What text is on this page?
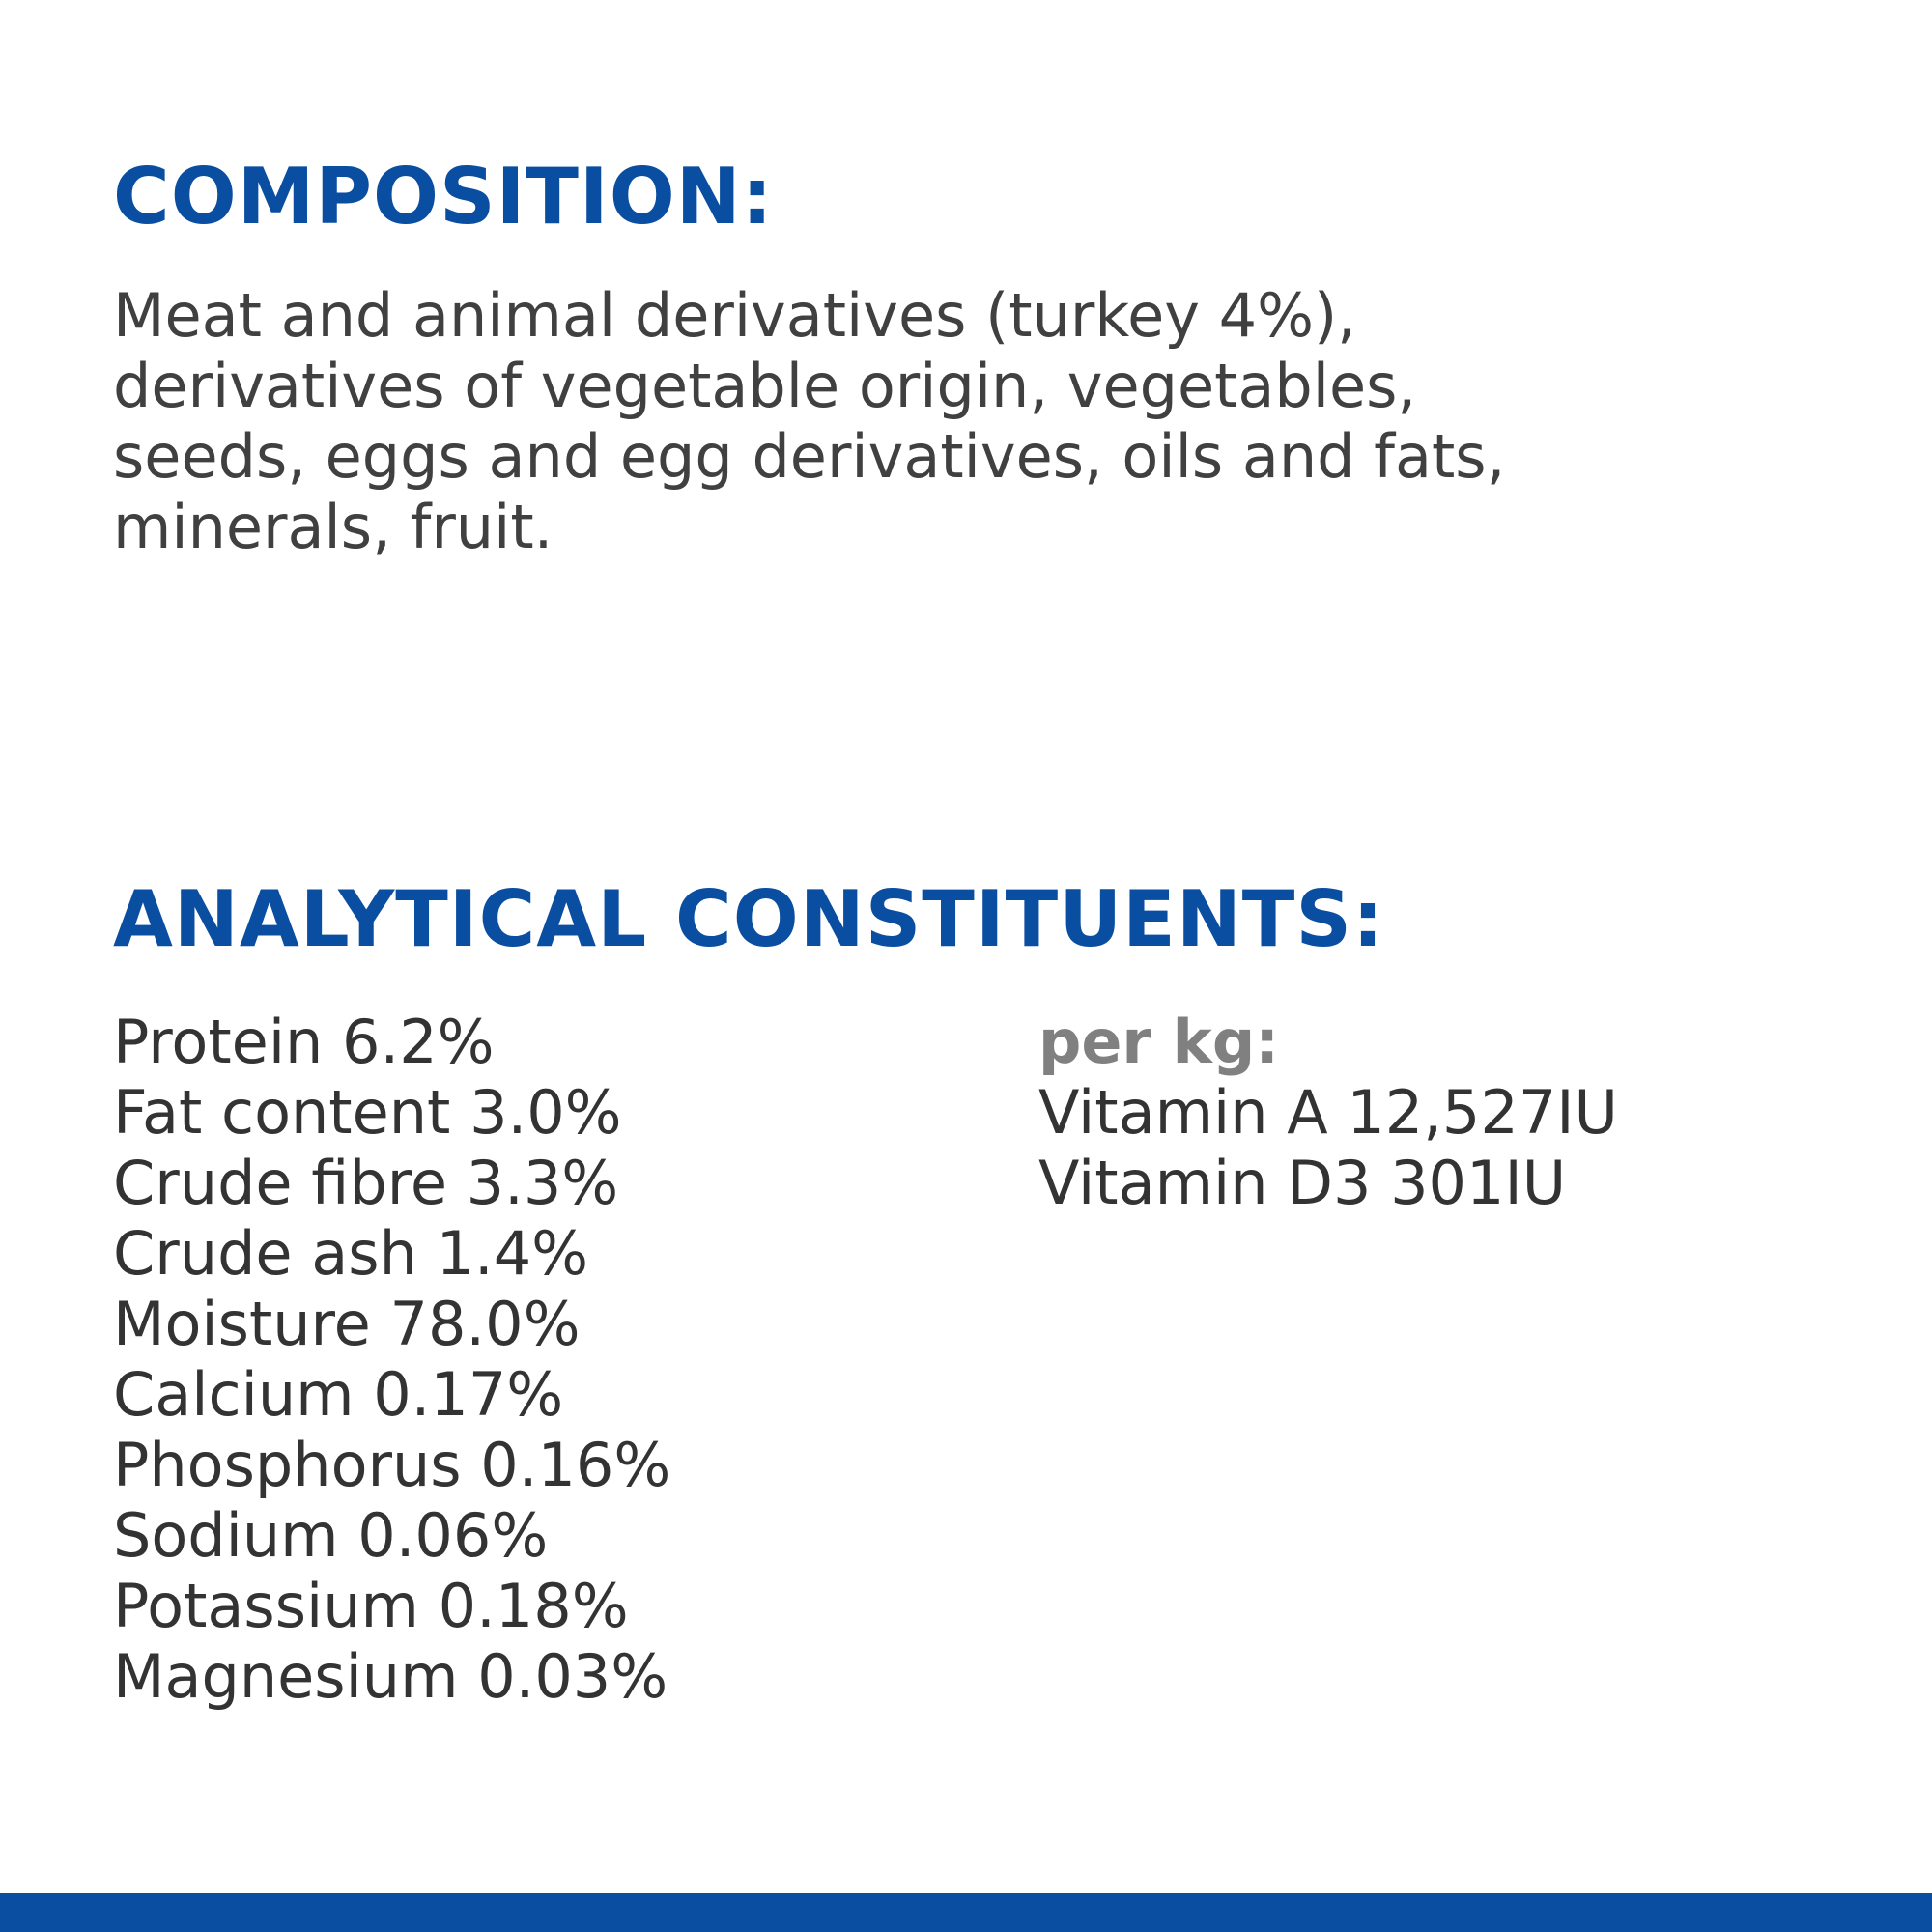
COMPOSITION:

Meat and animal derivatives (turkey 4%),
derivatives of vegetable origin, vegetables,
seeds, eggs and egg derivatives, oils and fats,
minerals, fruit.

ANALYTICAL CONSTITUENTS:
Protein 6.2%
Fat content 3.0%
Crude fibre 3.3%
Crude ash 1.4%
Moisture 78.0%
Calcium 0.17%
Phosphorus 0.16%
Sodium 0.06%
Potassium 0.18%
Magnesium 0.03%
per kg:
Vitamin A 12,527IU
Vitamin D3 301IU
